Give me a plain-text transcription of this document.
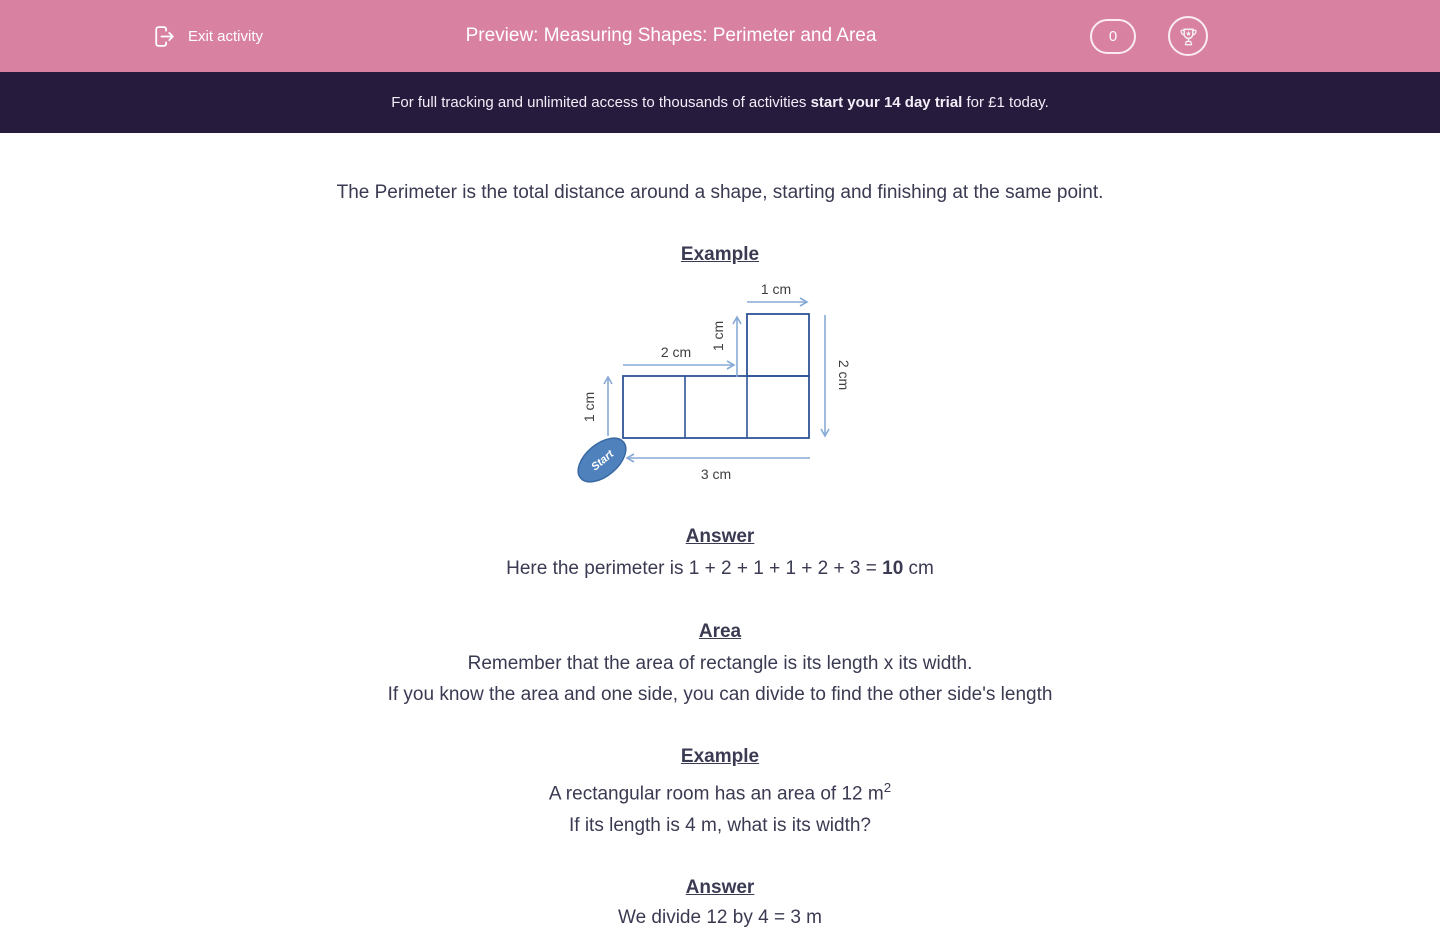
Exit activity	Preview: Measuring Shapes: Perimeter and Area	0

For full tracking and unlimited access to thousands of activities start your 14 day trial for £1 today.

The Perimeter is the total distance around a shape, starting and finishing at the same point.

Example
1 cm
1 cm
2 cm
2 cm
1 cm
3 cm
Start
Answer

Here the perimeter is 1 + 2 + 1 + 1 + 2 + 3 = 10 cm

Area

Remember that the area of rectangle is its length x its width.

If you know the area and one side, you can divide to find the other side's length

Example

A rectangular room has an area of 12 $m^2$

If its length is 4 m, what is its width?

Answer

We divide 12 by 4 = 3 m
